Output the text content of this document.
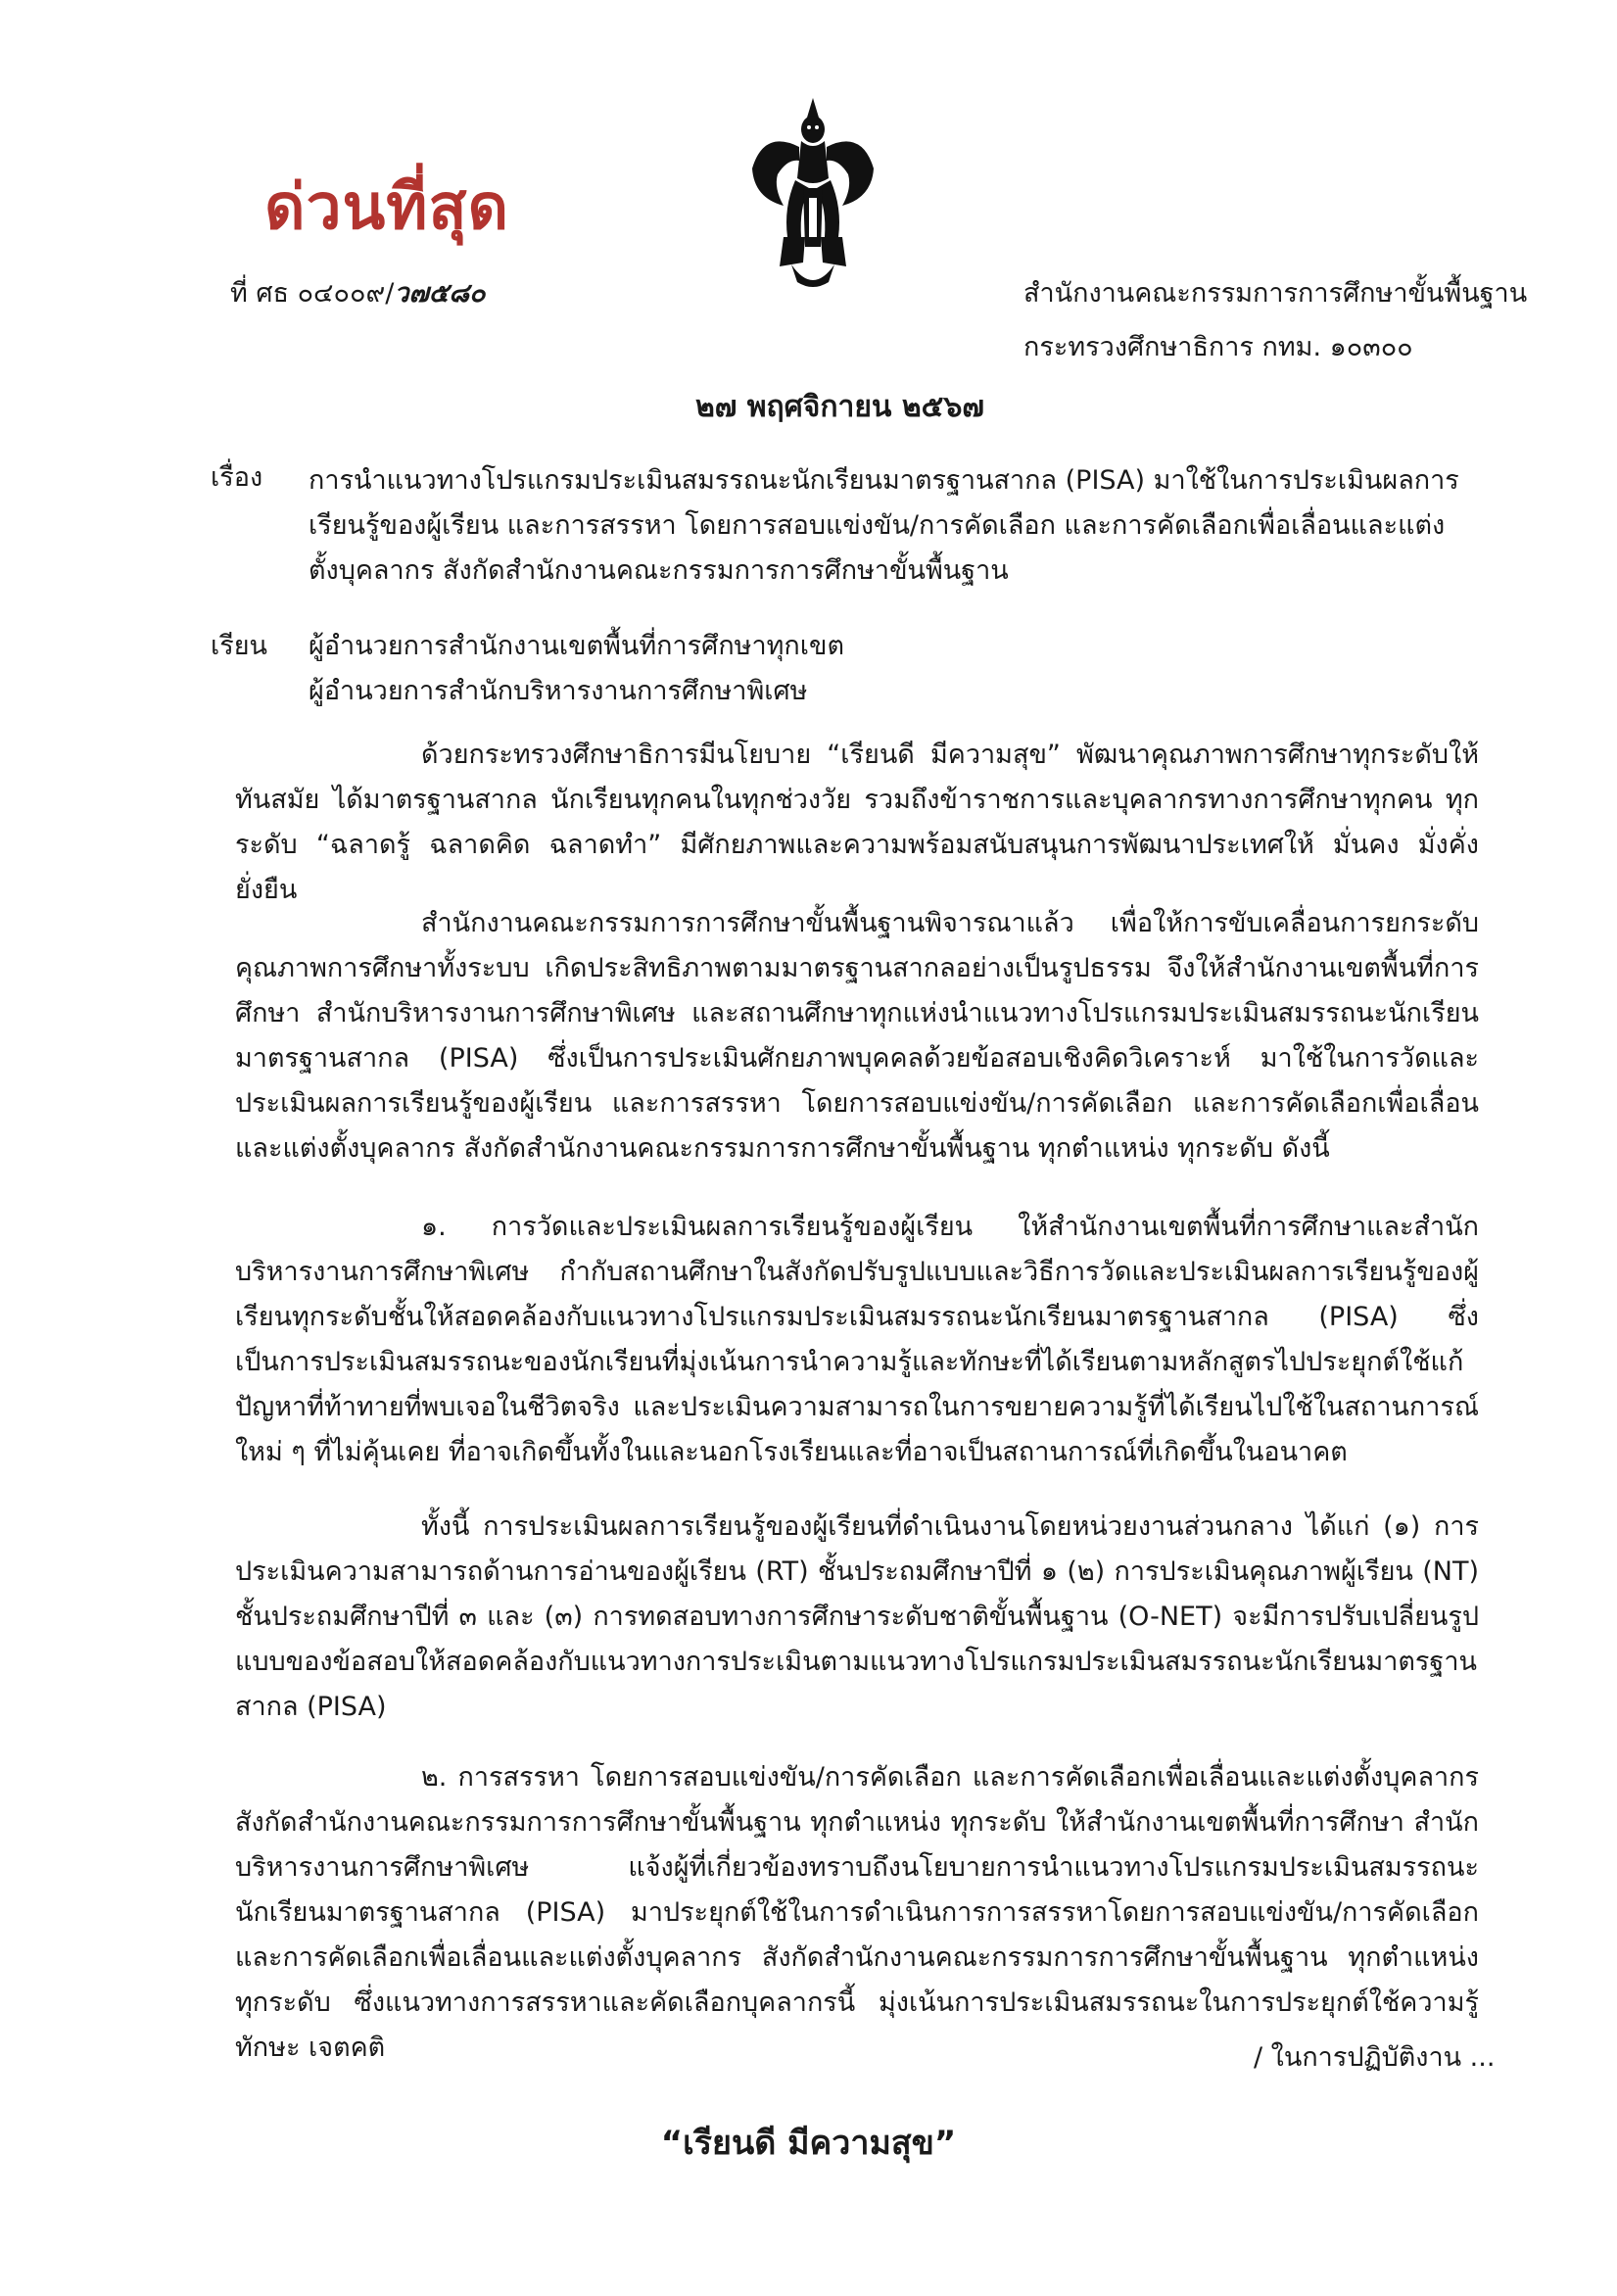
ด่วนที่สุด
ที่ ศธ ๐๔๐๐๙/ว๗๕๘๐	สำนักงานคณะกรรมการการศึกษาขั้นพื้นฐาน
กระทรวงศึกษาธิการ กทม. ๑๐๓๐๐
๒๗ พฤศจิกายน ๒๕๖๗
เรื่อง การนำแนวทางโปรแกรมประเมินสมรรถนะนักเรียนมาตรฐานสากล (PISA) มาใช้ในการประเมินผลการเรียนรู้ของผู้เรียน และการสรรหา โดยการสอบแข่งขัน/การคัดเลือก และการคัดเลือกเพื่อเลื่อนและแต่งตั้งบุคลากร สังกัดสำนักงานคณะกรรมการการศึกษาขั้นพื้นฐาน
เรียน ผู้อำนวยการสำนักงานเขตพื้นที่การศึกษาทุกเขต
ผู้อำนวยการสำนักบริหารงานการศึกษาพิเศษ
ด้วยกระทรวงศึกษาธิการมีนโยบาย “เรียนดี มีความสุข” พัฒนาคุณภาพการศึกษาทุกระดับให้ทันสมัย ได้มาตรฐานสากล นักเรียนทุกคนในทุกช่วงวัย รวมถึงข้าราชการและบุคลากรทางการศึกษาทุกคน ทุกระดับ “ฉลาดรู้ ฉลาดคิด ฉลาดทำ” มีศักยภาพและความพร้อมสนับสนุนการพัฒนาประเทศให้ มั่นคง มั่งคั่ง ยั่งยืน
สำนักงานคณะกรรมการการศึกษาขั้นพื้นฐานพิจารณาแล้ว เพื่อให้การขับเคลื่อนการยกระดับคุณภาพการศึกษาทั้งระบบ เกิดประสิทธิภาพตามมาตรฐานสากลอย่างเป็นรูปธรรม จึงให้สำนักงานเขตพื้นที่การศึกษา สำนักบริหารงานการศึกษาพิเศษ และสถานศึกษาทุกแห่งนำแนวทางโปรแกรมประเมินสมรรถนะนักเรียนมาตรฐานสากล (PISA) ซึ่งเป็นการประเมินศักยภาพบุคคลด้วยข้อสอบเชิงคิดวิเคราะห์ มาใช้ในการวัดและประเมินผลการเรียนรู้ของผู้เรียน และการสรรหา โดยการสอบแข่งขัน/การคัดเลือก และการคัดเลือกเพื่อเลื่อนและแต่งตั้งบุคลากร สังกัดสำนักงานคณะกรรมการการศึกษาขั้นพื้นฐาน ทุกตำแหน่ง ทุกระดับ ดังนี้
๑. การวัดและประเมินผลการเรียนรู้ของผู้เรียน ให้สำนักงานเขตพื้นที่การศึกษาและสำนักบริหารงานการศึกษาพิเศษ กำกับสถานศึกษาในสังกัดปรับรูปแบบและวิธีการวัดและประเมินผลการเรียนรู้ของผู้เรียนทุกระดับชั้นให้สอดคล้องกับแนวทางโปรแกรมประเมินสมรรถนะนักเรียนมาตรฐานสากล (PISA) ซึ่งเป็นการประเมินสมรรถนะของนักเรียนที่มุ่งเน้นการนำความรู้และทักษะที่ได้เรียนตามหลักสูตรไปประยุกต์ใช้แก้ปัญหาที่ท้าทายที่พบเจอในชีวิตจริง และประเมินความสามารถในการขยายความรู้ที่ได้เรียนไปใช้ในสถานการณ์ใหม่ ๆ ที่ไม่คุ้นเคย ที่อาจเกิดขึ้นทั้งในและนอกโรงเรียนและที่อาจเป็นสถานการณ์ที่เกิดขึ้นในอนาคต
ทั้งนี้ การประเมินผลการเรียนรู้ของผู้เรียนที่ดำเนินงานโดยหน่วยงานส่วนกลาง ได้แก่ (๑) การประเมินความสามารถด้านการอ่านของผู้เรียน (RT) ชั้นประถมศึกษาปีที่ ๑ (๒) การประเมินคุณภาพผู้เรียน (NT) ชั้นประถมศึกษาปีที่ ๓ และ (๓) การทดสอบทางการศึกษาระดับชาติขั้นพื้นฐาน (O-NET) จะมีการปรับเปลี่ยนรูปแบบของข้อสอบให้สอดคล้องกับแนวทางการประเมินตามแนวทางโปรแกรมประเมินสมรรถนะนักเรียนมาตรฐานสากล (PISA)
๒. การสรรหา โดยการสอบแข่งขัน/การคัดเลือก และการคัดเลือกเพื่อเลื่อนและแต่งตั้งบุคลากรสังกัดสำนักงานคณะกรรมการการศึกษาขั้นพื้นฐาน ทุกตำแหน่ง ทุกระดับ ให้สำนักงานเขตพื้นที่การศึกษา สำนักบริหารงานการศึกษาพิเศษ แจ้งผู้ที่เกี่ยวข้องทราบถึงนโยบายการนำแนวทางโปรแกรมประเมินสมรรถนะนักเรียนมาตรฐานสากล (PISA) มาประยุกต์ใช้ในการดำเนินการการสรรหาโดยการสอบแข่งขัน/การคัดเลือกและการคัดเลือกเพื่อเลื่อนและแต่งตั้งบุคลากร สังกัดสำนักงานคณะกรรมการการศึกษาขั้นพื้นฐาน ทุกตำแหน่ง ทุกระดับ ซึ่งแนวทางการสรรหาและคัดเลือกบุคลากรนี้ มุ่งเน้นการประเมินสมรรถนะในการประยุกต์ใช้ความรู้ ทักษะ เจตคติ	/ ในการปฏิบัติงาน ...
“เรียนดี มีความสุข”
